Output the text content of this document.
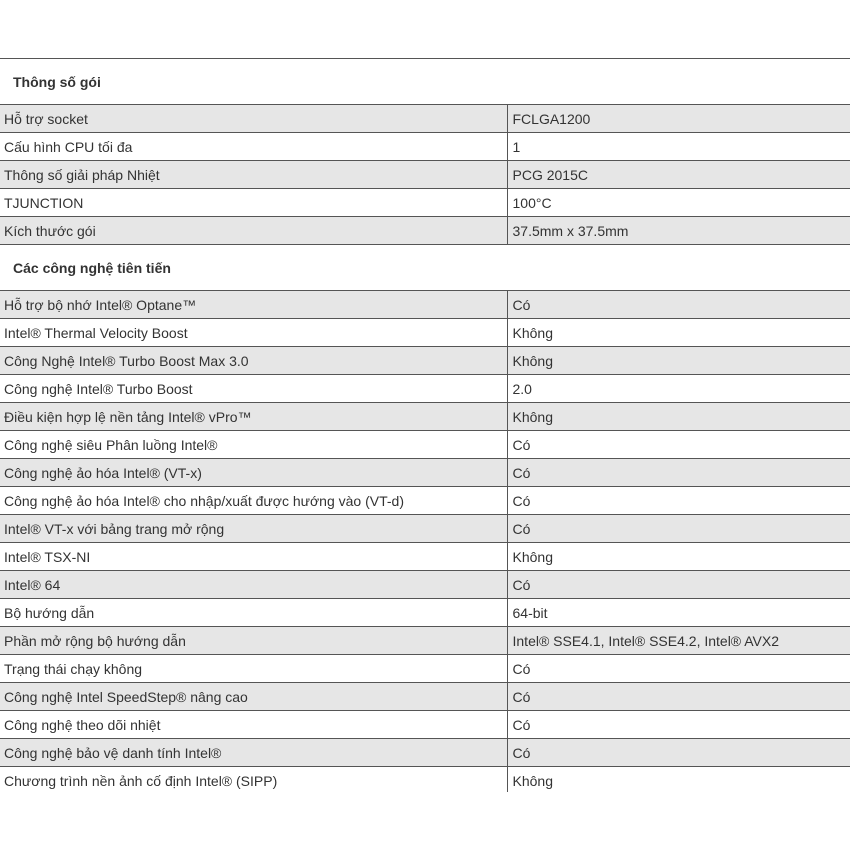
Thông số gói	
Hỗ trợ socket	FCLGA1200
Cấu hình CPU tối đa	1
Thông số giải pháp Nhiệt	PCG 2015C
TJUNCTION	100°C
Kích thước gói	37.5mm x 37.5mm
Các công nghệ tiên tiến	
Hỗ trợ bộ nhớ Intel® Optane™	Có
Intel® Thermal Velocity Boost	Không
Công Nghệ Intel® Turbo Boost Max 3.0	Không
Công nghệ Intel® Turbo Boost	2.0
Điều kiện hợp lệ nền tảng Intel® vPro™	Không
Công nghệ siêu Phân luồng Intel®	Có
Công nghệ ảo hóa Intel® (VT-x)	Có
Công nghệ ảo hóa Intel® cho nhập/xuất được hướng vào (VT-d)	Có
Intel® VT-x với bảng trang mở rộng	Có
Intel® TSX-NI	Không
Intel® 64	Có
Bộ hướng dẫn	64-bit
Phần mở rộng bộ hướng dẫn	Intel® SSE4.1, Intel® SSE4.2, Intel® AVX2
Trạng thái chạy không	Có
Công nghệ Intel SpeedStep® nâng cao	Có
Công nghệ theo dõi nhiệt	Có
Công nghệ bảo vệ danh tính Intel®	Có
Chương trình nền ảnh cố định Intel® (SIPP)	Không
